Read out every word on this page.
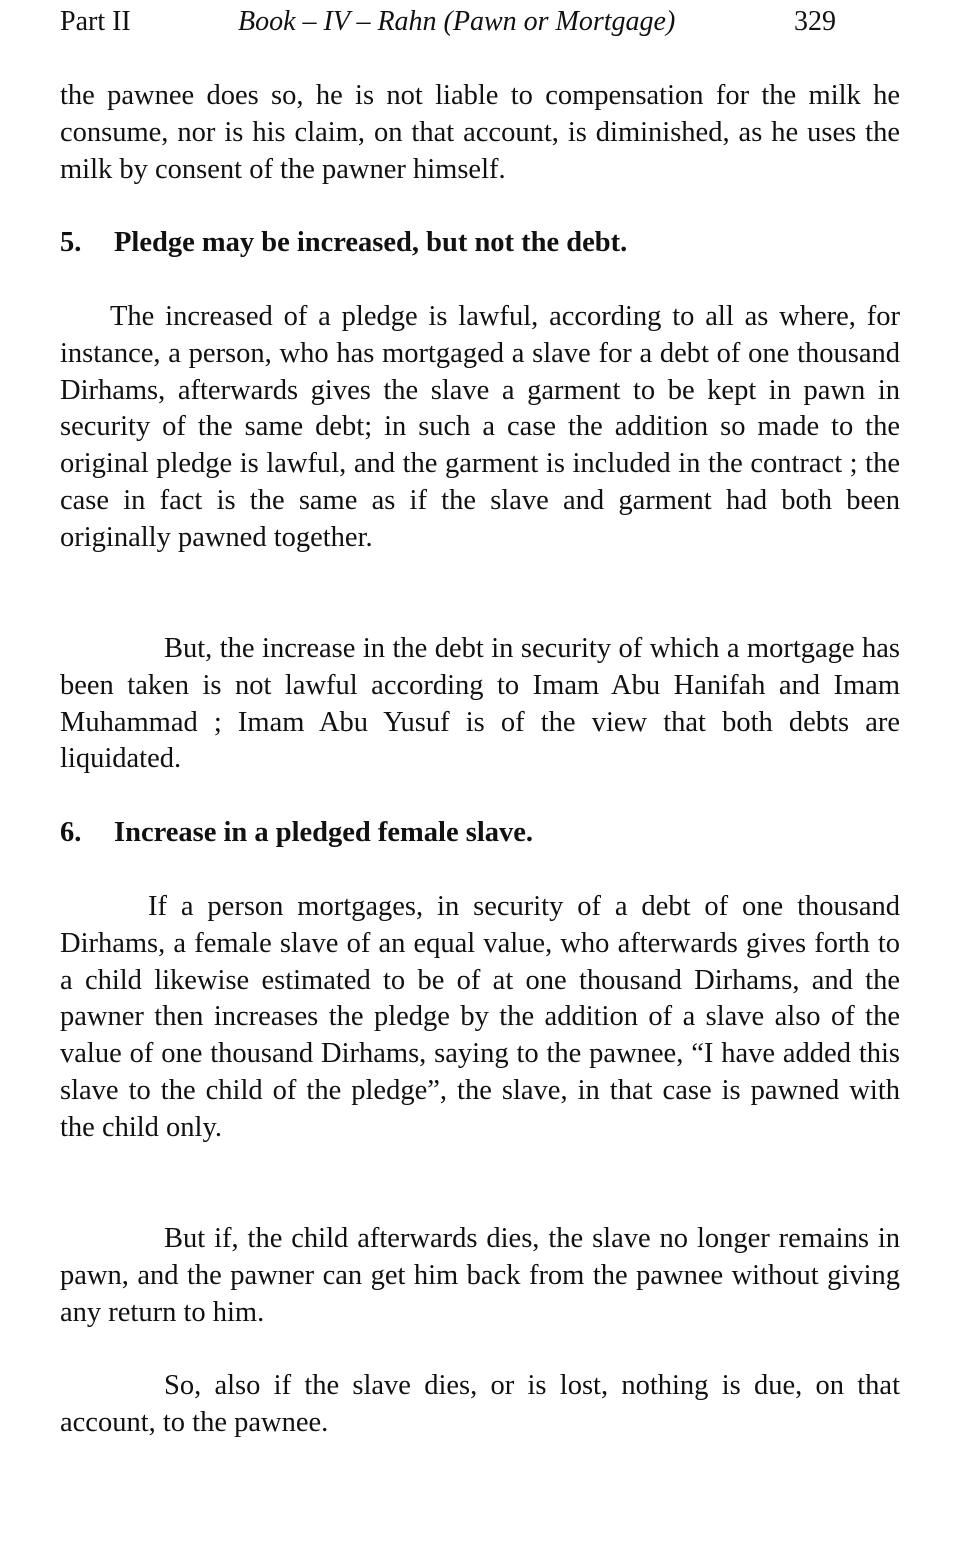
Part II	Book – IV – Rahn (Pawn or Mortgage)	329

the pawnee does so, he is not liable to compensation for the milk he consume, nor is his claim, on that account, is diminished, as he uses the milk by consent of the pawner himself.

5. Pledge may be increased, but not the debt.

The increased of a pledge is lawful, according to all as where, for instance, a person, who has mortgaged a slave for a debt of one thousand Dirhams, afterwards gives the slave a garment to be kept in pawn in security of the same debt; in such a case the addition so made to the original pledge is lawful, and the garment is included in the contract ; the case in fact is the same as if the slave and garment had both been originally pawned together.

But, the increase in the debt in security of which a mortgage has been taken is not lawful according to Imam Abu Hanifah and Imam Muhammad ; Imam Abu Yusuf is of the view that both debts are liquidated.

6. Increase in a pledged female slave.

If a person mortgages, in security of a debt of one thousand Dirhams, a female slave of an equal value, who afterwards gives forth to a child likewise estimated to be of at one thousand Dirhams, and the pawner then increases the pledge by the addition of a slave also of the value of one thousand Dirhams, saying to the pawnee, “I have added this slave to the child of the pledge”, the slave, in that case is pawned with the child only.

But if, the child afterwards dies, the slave no longer remains in pawn, and the pawner can get him back from the pawnee without giving any return to him.

So, also if the slave dies, or is lost, nothing is due, on that account, to the pawnee.
